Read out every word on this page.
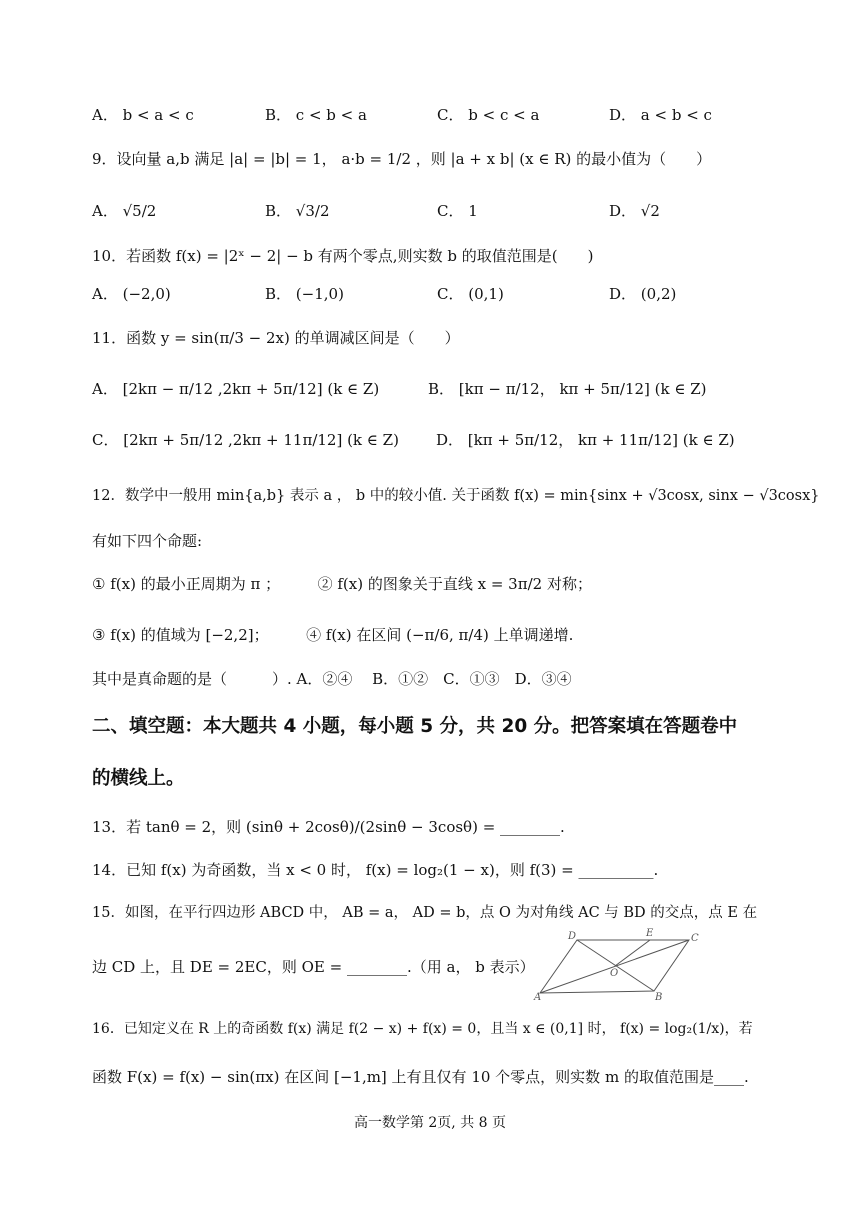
A． b < a < c	B． c < b < a	C． b < c < a	D． a < b < c
9．设向量 a,b 满足 |a| = |b| = 1， a·b = 1/2 ，则 |a + x b| (x ∈ R) 的最小值为（　　）
A． √5/2	B． √3/2	C． 1	D． √2
10．若函数 f(x) = |2ˣ − 2| − b 有两个零点,则实数 b 的取值范围是(　　)
A． (−2,0)	B． (−1,0)	C． (0,1)	D． (0,2)
11．函数 y = sin(π/3 − 2x) 的单调减区间是（　　）
A． [2kπ − π/12 ,2kπ + 5π/12] (k ∈ Z)	B． [kπ − π/12， kπ + 5π/12] (k ∈ Z)
C． [2kπ + 5π/12 ,2kπ + 11π/12] (k ∈ Z) D． [kπ + 5π/12， kπ + 11π/12] (k ∈ Z)
12．数学中一般用 min{a,b} 表示 a ， b 中的较小值. 关于函数 f(x) = min{sinx + √3cosx, sinx − √3cosx}
有如下四个命题:
① f(x) 的最小正周期为 π ；　　　② f(x) 的图象关于直线 x = 3π/2 对称；
③ f(x) 的值域为 [−2,2]；　　　④ f(x) 在区间 (−π/6, π/4) 上单调递增.
其中是真命题的是（　　　）. A．②④　 B．①②　C．①③　D．③④
二、填空题：本大题共 4 小题，每小题 5 分，共 20 分。把答案填在答题卷中
的横线上。
13．若 tanθ = 2，则 (sinθ + 2cosθ)/(2sinθ − 3cosθ) = ________.
14．已知 f(x) 为奇函数，当 x < 0 时， f(x) = log₂(1 − x)，则 f(3) = __________.
15．如图，在平行四边形 ABCD 中， AB = a， AD = b，点 O 为对角线 AC 与 BD 的交点，点 E 在
边 CD 上，且 DE = 2EC，则 OE = ________.（用 a， b 表示）
D	E	C
O
A	B
16．已知定义在 R 上的奇函数 f(x) 满足 f(2 − x) + f(x) = 0，且当 x ∈ (0,1] 时， f(x) = log₂(1/x)，若
函数 F(x) = f(x) − sin(πx) 在区间 [−1,m] 上有且仅有 10 个零点，则实数 m 的取值范围是____.
高一数学第 2页, 共 8 页
